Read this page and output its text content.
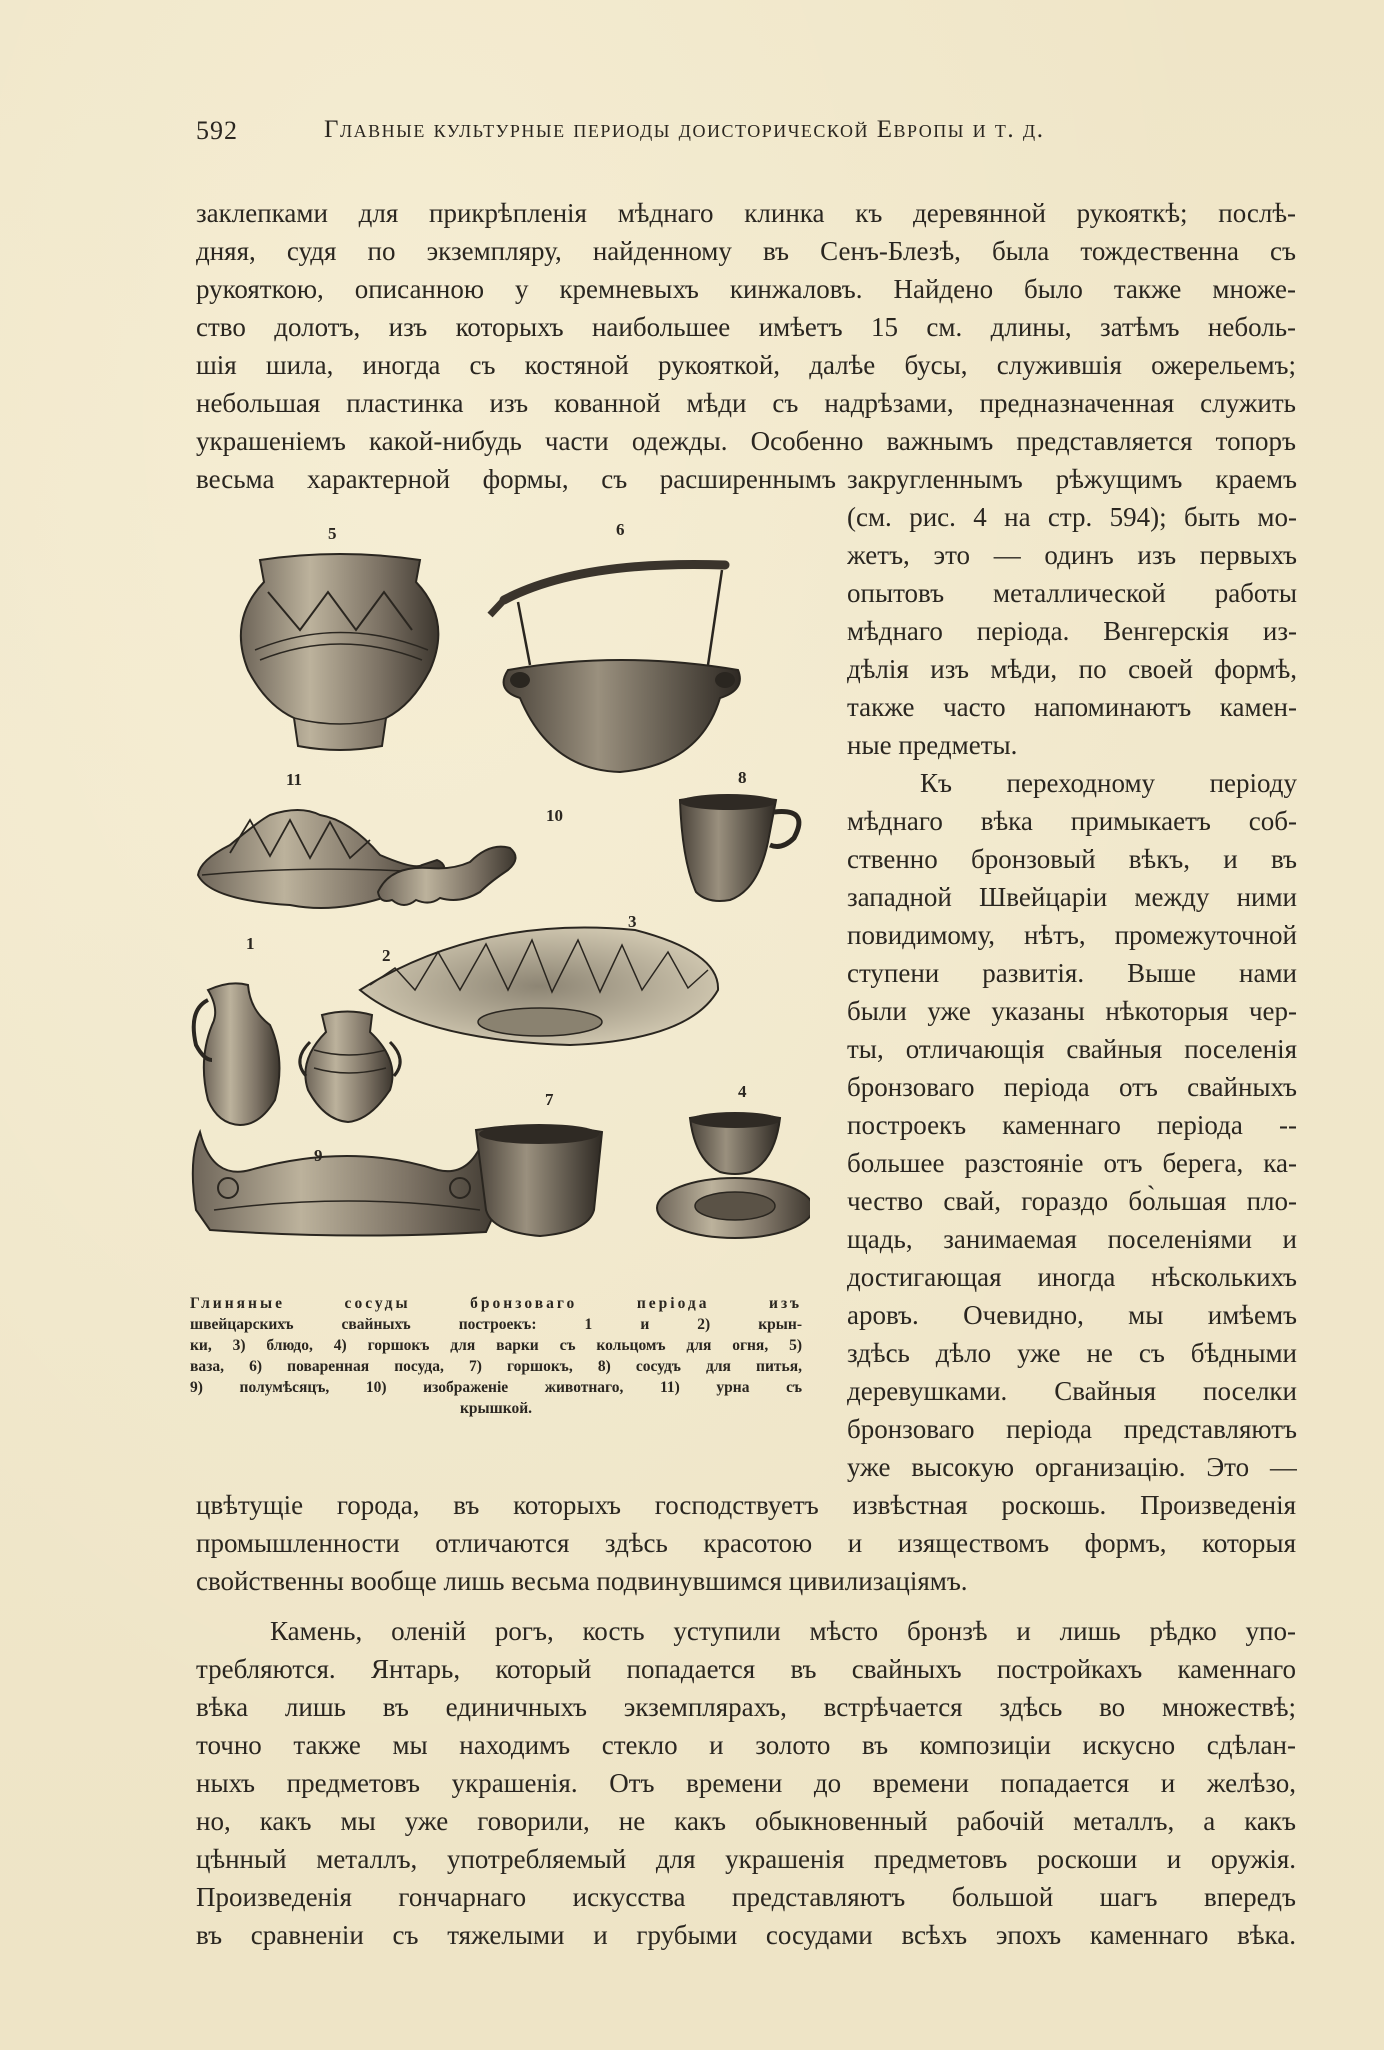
592	Главные культурные периоды доисторической Европы и т. д.
заклепками для прикрѣпленія мѣднаго клинка къ деревянной рукояткѣ; послѣ-
дняя, судя по экземпляру, найденному въ Сенъ-Блезѣ, была тождественна съ
рукояткою, описанною у кремневыхъ кинжаловъ. Найдено было также множе-
ство долотъ, изъ которыхъ наибольшее имѣетъ 15 см. длины, затѣмъ неболь-
шія шила, иногда съ костяной рукояткой, далѣе бусы, служившія ожерельемъ;
небольшая пластинка изъ кованной мѣди съ надрѣзами, предназначенная служить
украшеніемъ какой-нибудь части одежды. Особенно важнымъ представляется топоръ
весьма характерной формы, съ расширеннымъ закругленнымъ рѣжущимъ краемъ
(см. рис. 4 на стр. 594); быть мо-
жетъ, это — одинъ изъ первыхъ
опытовъ металлической работы
мѣднаго періода. Венгерскія из-
дѣлія изъ мѣди, по своей формѣ,
также часто напоминаютъ камен-
ные предметы.
Къ переходному періоду
мѣднаго вѣка примыкаетъ соб-
ственно бронзовый вѣкъ, и въ
западной Швейцаріи между ними
повидимому, нѣтъ, промежуточной
ступени развитія. Выше нами
были уже указаны нѣкоторыя чер-
ты, отличающія свайныя поселенія
бронзоваго періода отъ свайныхъ
построекъ каменнаго періода --
большее разстояніе отъ берега, ка-
чество свай, гораздо бо̀льшая пло-
щадь, занимаемая поселеніями и
достигающая иногда нѣсколькихъ
аровъ. Очевидно, мы имѣемъ
здѣсь дѣло уже не съ бѣдными
деревушками. Свайныя поселки
бронзоваго періода представляютъ
уже высокую организацію. Это —
цвѣтущіе города, въ которыхъ господствуетъ извѣстная роскошь. Произведенія
промышленности отличаются здѣсь красотою и изяществомъ формъ, которыя
свойственны вообще лишь весьма подвинувшимся цивилизаціямъ.
Камень, оленій рогъ, кость уступили мѣсто бронзѣ и лишь рѣдко упо-
требляются. Янтарь, который попадается въ свайныхъ постройкахъ каменнаго
вѣка лишь въ единичныхъ экземплярахъ, встрѣчается здѣсь во множествѣ;
точно также мы находимъ стекло и золото въ композиціи искусно сдѣлан-
ныхъ предметовъ украшенія. Отъ времени до времени попадается и желѣзо,
но, какъ мы уже говорили, не какъ обыкновенный рабочій металлъ, а какъ
цѣнный металлъ, употребляемый для украшенія предметовъ роскоши и оружія.
Произведенія гончарнаго искусства представляютъ большой шагъ впередъ
въ сравненіи съ тяжелыми и грубыми сосудами всѣхъ эпохъ каменнаго вѣка.
5	6
11	8
10
3
1
2
7	4
9
Глиняные сосуды бронзоваго періода изъ
швейцарскихъ свайныхъ построекъ: 1 и 2) крын-
ки, 3) блюдо, 4) горшокъ для варки съ кольцомъ для огня, 5)
ваза, 6) поваренная посуда, 7) горшокъ, 8) сосудъ для питья,
9) полумѣсяцъ, 10) изображеніе животнаго, 11) урна съ
крышкой.
